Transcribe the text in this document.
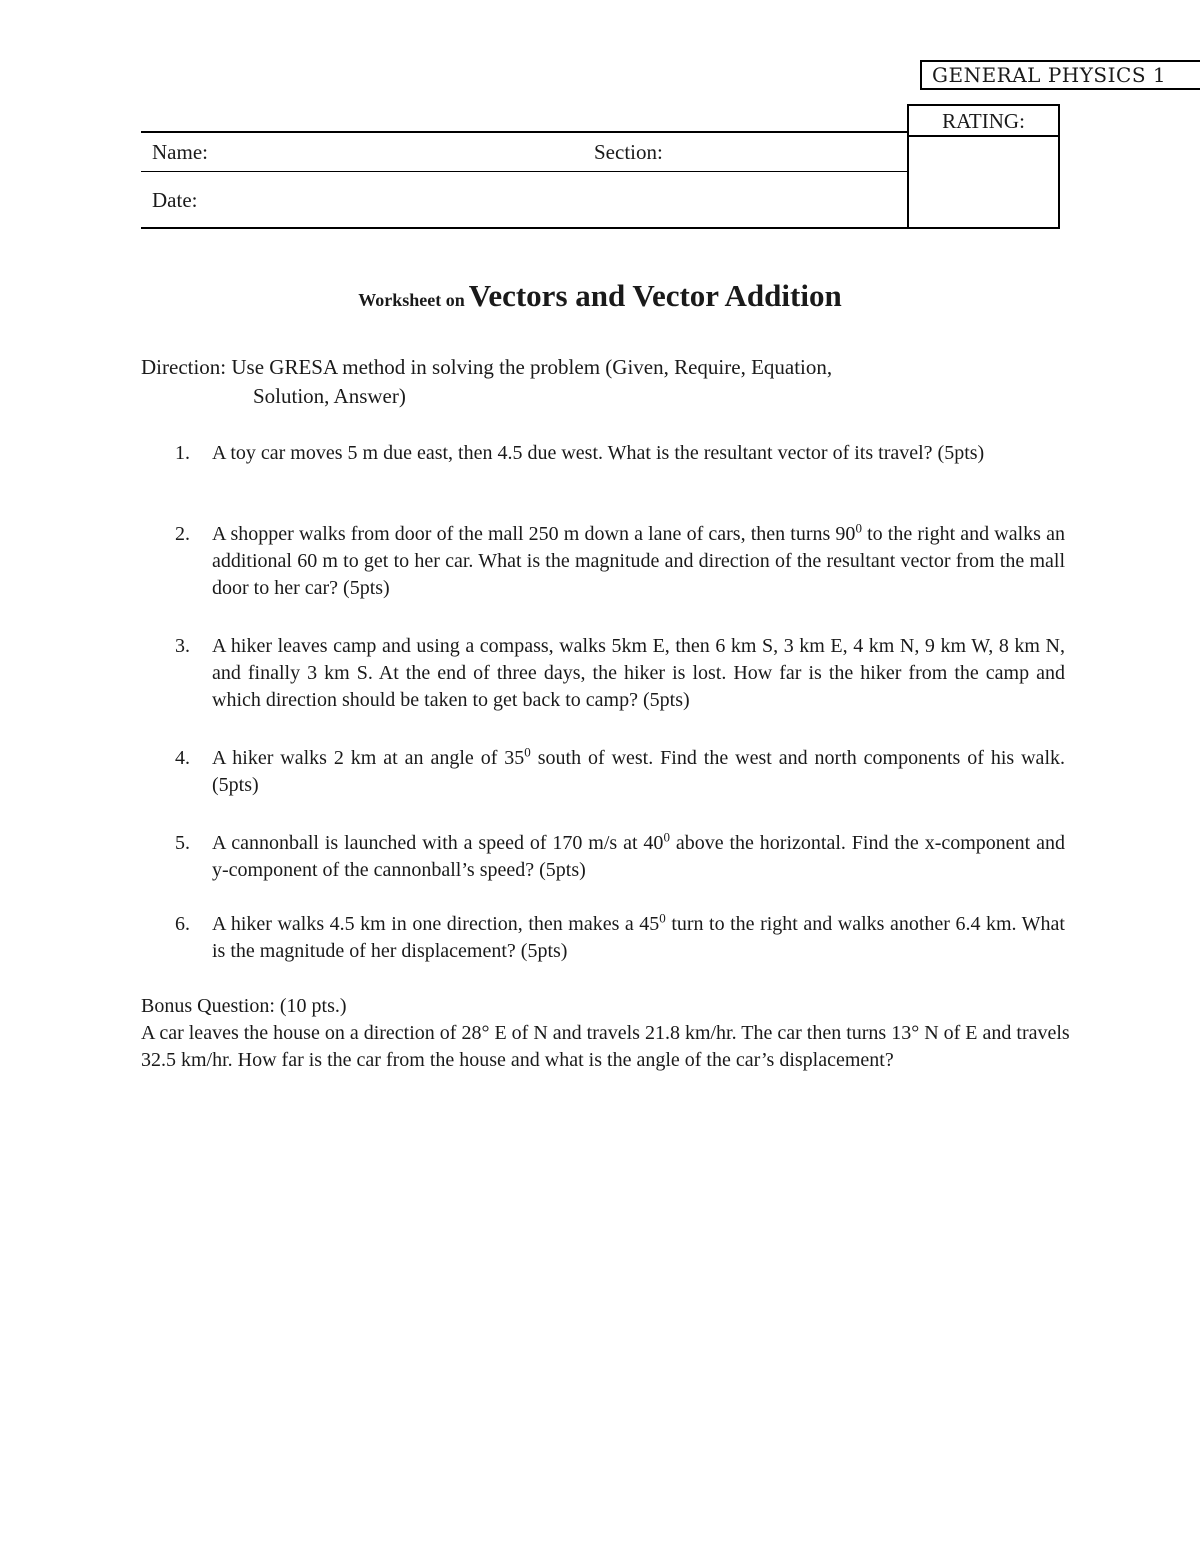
GENERAL PHYSICS 1
RATING:
Name:	Section:
Date:
Worksheet on Vectors and Vector Addition
Direction: Use GRESA method in solving the problem (Given, Require, Equation,
Solution, Answer)
1.	A toy car moves 5 m due east, then 4.5 due west. What is the resultant vector of its travel? (5pts)
2.	A shopper walks from door of the mall 250 m down a lane of cars, then turns $90^0$ to the right and walks an additional 60 m to get to her car. What is the magnitude and direction of the resultant vector from the mall door to her car? (5pts)
3.	A hiker leaves camp and using a compass, walks 5km E, then 6 km S, 3 km E, 4 km N, 9 km W, 8 km N, and finally 3 km S. At the end of three days, the hiker is lost. How far is the hiker from the camp and which direction should be taken to get back to camp? (5pts)
4.	A hiker walks 2 km at an angle of $35^0$ south of west. Find the west and north components of his walk. (5pts)
5.	A cannonball is launched with a speed of 170 m/s at $40^0$ above the horizontal. Find the x-component and y-component of the cannonball’s speed? (5pts)
6.	A hiker walks 4.5 km in one direction, then makes a $45^0$ turn to the right and walks another 6.4 km. What is the magnitude of her displacement? (5pts)
Bonus Question: (10 pts.)
A car leaves the house on a direction of 28° E of N and travels 21.8 km/hr. The car then turns 13° N of E and travels 32.5 km/hr. How far is the car from the house and what is the angle of the car’s displacement?
